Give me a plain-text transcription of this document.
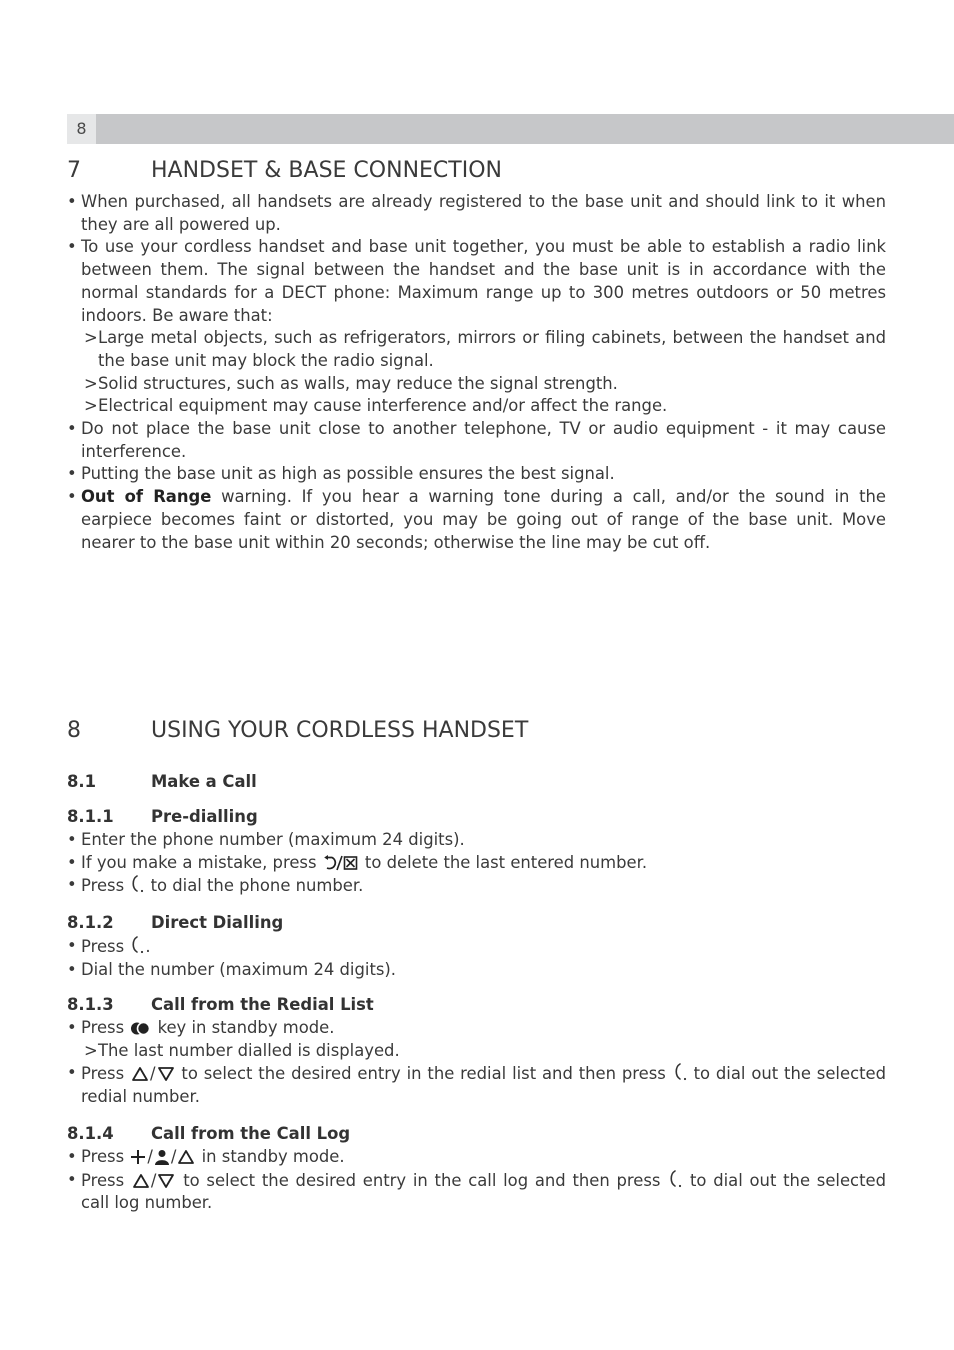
8
7	HANDSET & BASE CONNECTION
• When purchased, all handsets are already registered to the base unit and should link to it when they are all powered up.
• To use your cordless handset and base unit together, you must be able to establish a radio link between them. The signal between the handset and the base unit is in accordance with the normal standards for a DECT phone: Maximum range up to 300 metres outdoors or 50 metres indoors. Be aware that:
> Large metal objects, such as refrigerators, mirrors or filing cabinets, between the handset and the base unit may block the radio signal.
> Solid structures, such as walls, may reduce the signal strength.
> Electrical equipment may cause interference and/or affect the range.
• Do not place the base unit close to another telephone, TV or audio equipment - it may cause interference.
• Putting the base unit as high as possible ensures the best signal.
• Out of Range warning. If you hear a warning tone during a call, and/or the sound in the earpiece becomes faint or distorted, you may be going out of range of the base unit. Move nearer to the base unit within 20 seconds; otherwise the line may be cut off.
8	USING YOUR CORDLESS HANDSET
8.1	Make a Call
8.1.1 Pre-dialling
• Enter the phone number (maximum 24 digits).
• If you make a mistake, press
to delete the last entered number.
• Press
to dial the phone number.
8.1.2 Direct Dialling
• Press
.
• Dial the number (maximum 24 digits).
8.1.3 Call from the Redial List
• Press
key in standby mode.
> The last number dialled is displayed.
• Press
/
to select the desired entry in the redial list and then press
to dial out the selected redial number.
8.1.4 Call from the Call Log
• Press
/ /
in standby mode.
• Press
/
to select the desired entry in the call log and then press
to dial out the selected call log number.
